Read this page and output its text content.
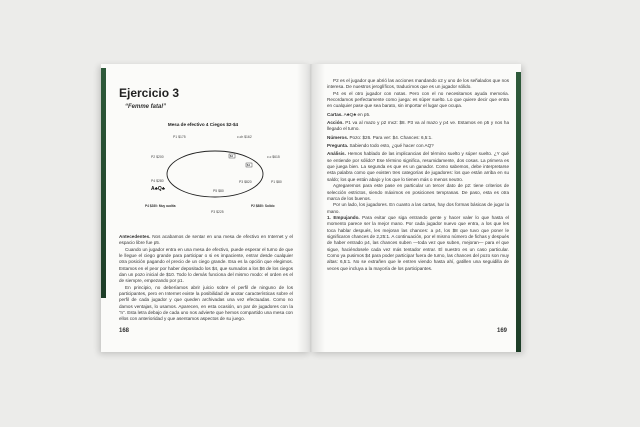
Ejercicio 3
“Femme fatal”
Mesa de efectivo 4 Ciegos $2-$4
P1 $175	c.ch $162
P2 $200	c.c $615
P4 $280
A♣Q♣
P1 $80
P4 $280: Muy audita	P2 $880: Solido
P3 $225
P3 $820
P5 $80
$2
$4

Antecedentes. Nos acabamos de sentar en una mesa de efectivo en Internet y el espacio libre fue p5.

Cuando un jugador entra en una mesa de efectivo, puede esperar el turno de que le llegue el ciego grande para participar o si es impaciente, entrar desde cualquier otra posición pagando el precio de un ciego grande. Esa es la opción que elegimos. Estamos en el peor por haber depositado los $4, que sumados a los $6 de los ciegos dan un pozo inicial de $10. Todo lo demás funciona del mismo modo: el orden es el de siempre, empezando por p1.

En principio, no deberíamos abrir juicio sobre el perfil de ninguno de los participantes, pero en Internet existe la posibilidad de anotar características sobre el perfil de cada jugador y que queden archivadas una vez efectuadas. Como no damos ventajas, lo usamos. Aparecen, en esta ocasión, un par de jugadores con la “n”. Esta letra debajo de cada uno nos advierte que hemos compartido una mesa con ellos con anterioridad y que asentamos aspectos de su juego.

168

P2 es el jugador que abrió las acciones mandando x2 y uno de los señalados que nos interesa. De nuestros jeroglíficos, traducimos que es un jugador sólido.

P4 es el otro jugador con notas. Pero con el no necesitamos ayuda memoria. Recordamos perfectamente como juega: es súper suelto. Lo que quiere decir que entra en cualquier pase que sea barato, sin importar el lugar que ocupa.

Cartas. A♣Q♣ en p5.

Acción. P1 va al mazo y p2 mx2: $8. P3 va al mazo y p4 ve. Estamos en p5 y nos ha llegado el turno.

Números. Pozo: $26. Para ver: $4. Chances: 6,5:1.

Pregunta. Sabiendo todo esto, ¿qué hacer con AQ?

Análisis. Hemos hablado de las implicancias del término suelto y súper suelto. ¿Y qué se entiende por sólido? Ese término significa, resumidamente, dos cosas. La primera es que juega bien. La segunda es que es un ganador. Como sabemos, debe interpretarse esta palabra como que existen tres categorías de jugadores: los que están arriba en su saldo; los que están abajo y los que lo tienen más o menos neutro.

Agregaremos para este pase en particular un tercer dato de p2: tiene criterios de selección estrictos, siendo máximos en posiciones tempranas. De paso, esta es otra marca de los buenos.

Por un lado, los jugadores. En cuanto a las cartas, hay dos formas básicas de jugar la mano.

1. Empujando. Para evitar que siga entrando gente y hacer valer lo que hasta el momento parece ser la mejor mano. Por cada jugador nuevo que entra, a los que les toca hablar después, les mejoran las chances: a p4, los $8 que tuvo que poner le significaron chances de 2,25:1. A continuación, por el mismo número de fichas y después de haber entrado p4, las chances suben —toda vez que suben, mejoran— para el que sigue, haciéndosele cada vez más tentador entrar. El nuestro es un caso particular. Como ya pusimos $4 para poder participar fuera de turno, las chances del pozo son muy altas: 6,5:1. No se extrañen que le entren viendo hasta ahí, gatillen una seguidilla de veces que incluya a la mayoría de los participantes.

169
